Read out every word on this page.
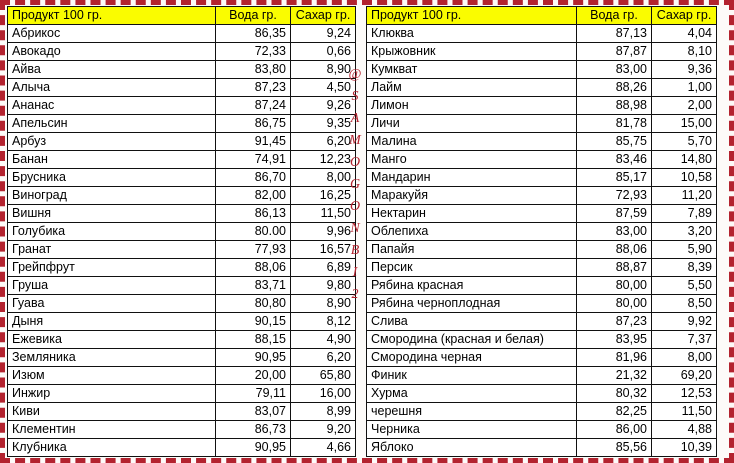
Продукт 100 гр.	Вода гр.	Сахар гр.
Абрикос	86,35	9,24
Авокадо	72,33	0,66
Айва	83,80	8,90
Алыча	87,23	4,50
Ананас	87,24	9,26
Апельсин	86,75	9,35
Арбуз	91,45	6,20
Банан	74,91	12,23
Брусника	86,70	8,00
Виноград	82,00	16,25
Вишня	86,13	11,50
Голубика	80.00	9,96
Гранат	77,93	16,57
Грейпфрут	88,06	6,89
Груша	83,71	9,80
Гуава	80,80	8,90
Дыня	90,15	8,12
Ежевика	88,15	4,90
Земляника	90,95	6,20
Изюм	20,00	65,80
Инжир	79,11	16,00
Киви	83,07	8,99
Клементин	86,73	9,20
Клубника	90,95	4,66
@
S
A
M
O
G
O
N
B
I
2
Продукт 100 гр.	Вода гр.	Сахар гр.
Клюква	87,13	4,04
Крыжовник	87,87	8,10
Кумкват	83,00	9,36
Лайм	88,26	1,00
Лимон	88,98	2,00
Личи	81,78	15,00
Малина	85,75	5,70
Манго	83,46	14,80
Мандарин	85,17	10,58
Маракуйя	72,93	11,20
Нектарин	87,59	7,89
Облепиха	83,00	3,20
Папайя	88,06	5,90
Персик	88,87	8,39
Рябина красная	80,00	5,50
Рябина черноплодная	80,00	8,50
Слива	87,23	9,92
Смородина (красная и белая)	83,95	7,37
Смородина черная	81,96	8,00
Финик	21,32	69,20
Хурма	80,32	12,53
черешня	82,25	11,50
Черника	86,00	4,88
Яблоко	85,56	10,39
